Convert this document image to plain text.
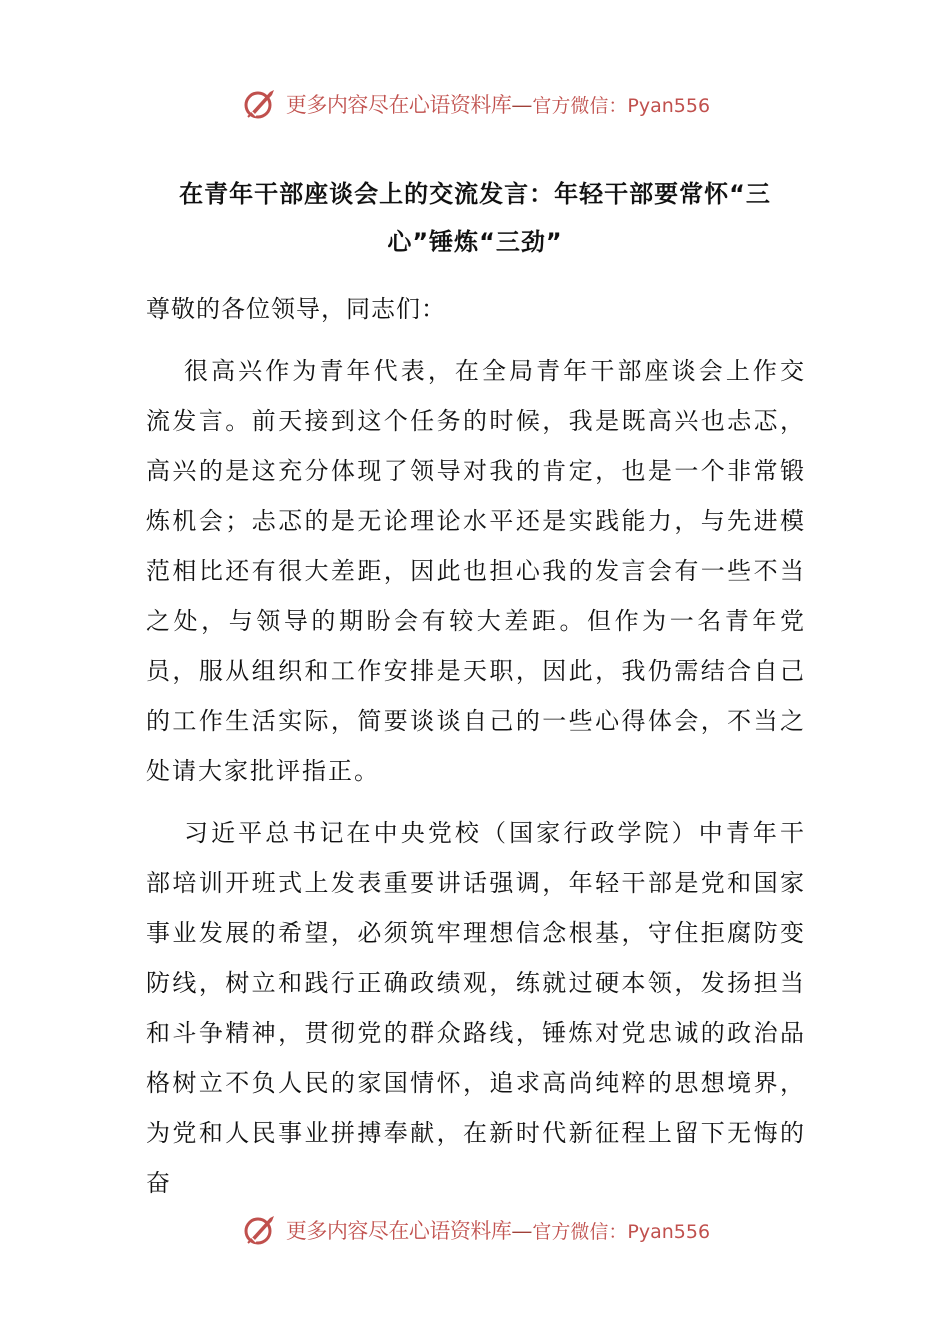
更多内容尽在心语资料库 — 官方微信：Pyan556
在青年干部座谈会上的交流发言：年轻干部要常怀“三心”锤炼“三劲”

尊敬的各位领导，同志们：

很高兴作为青年代表，在全局青年干部座谈会上作交流发言。前天接到这个任务的时候，我是既高兴也忐忑，高兴的是这充分体现了领导对我的肯定，也是一个非常锻炼机会；忐忑的是无论理论水平还是实践能力，与先进模范相比还有很大差距，因此也担心我的发言会有一些不当之处，与领导的期盼会有较大差距。但作为一名青年党员，服从组织和工作安排是天职，因此，我仍需结合自己的工作生活实际，简要谈谈自己的一些心得体会，不当之处请大家批评指正。

习近平总书记在中央党校（国家行政学院）中青年干部培训开班式上发表重要讲话强调，年轻干部是党和国家事业发展的希望，必须筑牢理想信念根基，守住拒腐防变防线，树立和践行正确政绩观，练就过硬本领，发扬担当和斗争精神，贯彻党的群众路线，锤炼对党忠诚的政治品格树立不负人民的家国情怀，追求高尚纯粹的思想境界，为党和人民事业拼搏奉献，在新时代新征程上留下无悔的奋

更多内容尽在心语资料库 — 官方微信：Pyan556
